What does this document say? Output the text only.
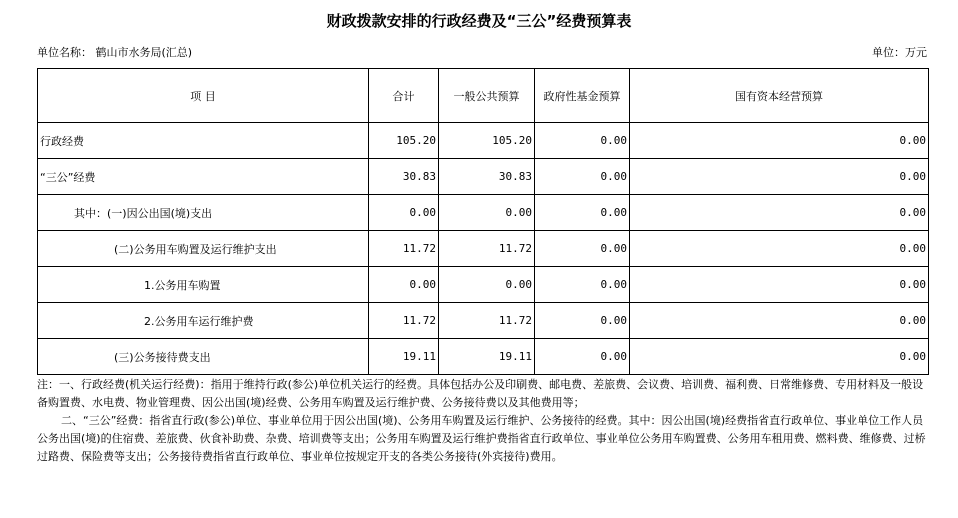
财政拨款安排的行政经费及“三公”经费预算表
单位名称： 鹤山市水务局(汇总)	单位：万元
项 目	合计	一般公共预算	政府性基金预算	国有资本经营预算
行政经费	105.20	105.20	0.00	0.00
“三公”经费	30.83	30.83	0.00	0.00
其中：(一)因公出国(境)支出	0.00	0.00	0.00	0.00
(二)公务用车购置及运行维护支出	11.72	11.72	0.00	0.00
1.公务用车购置	0.00	0.00	0.00	0.00
2.公务用车运行维护费	11.72	11.72	0.00	0.00
(三)公务接待费支出	19.11	19.11	0.00	0.00

注：一、行政经费(机关运行经费)：指用于维持行政(参公)单位机关运行的经费。具体包括办公及印刷费、邮电费、差旅费、会议费、培训费、福利费、日常维修费、专用材料及一般设备购置费、水电费、物业管理费、因公出国(境)经费、公务用车购置及运行维护费、公务接待费以及其他费用等；

二、“三公”经费：指省直行政(参公)单位、事业单位用于因公出国(境)、公务用车购置及运行维护、公务接待的经费。其中：因公出国(境)经费指省直行政单位、事业单位工作人员公务出国(境)的住宿费、差旅费、伙食补助费、杂费、培训费等支出；公务用车购置及运行维护费指省直行政单位、事业单位公务用车购置费、公务用车租用费、燃料费、维修费、过桥过路费、保险费等支出；公务接待费指省直行政单位、事业单位按规定开支的各类公务接待(外宾接待)费用。
